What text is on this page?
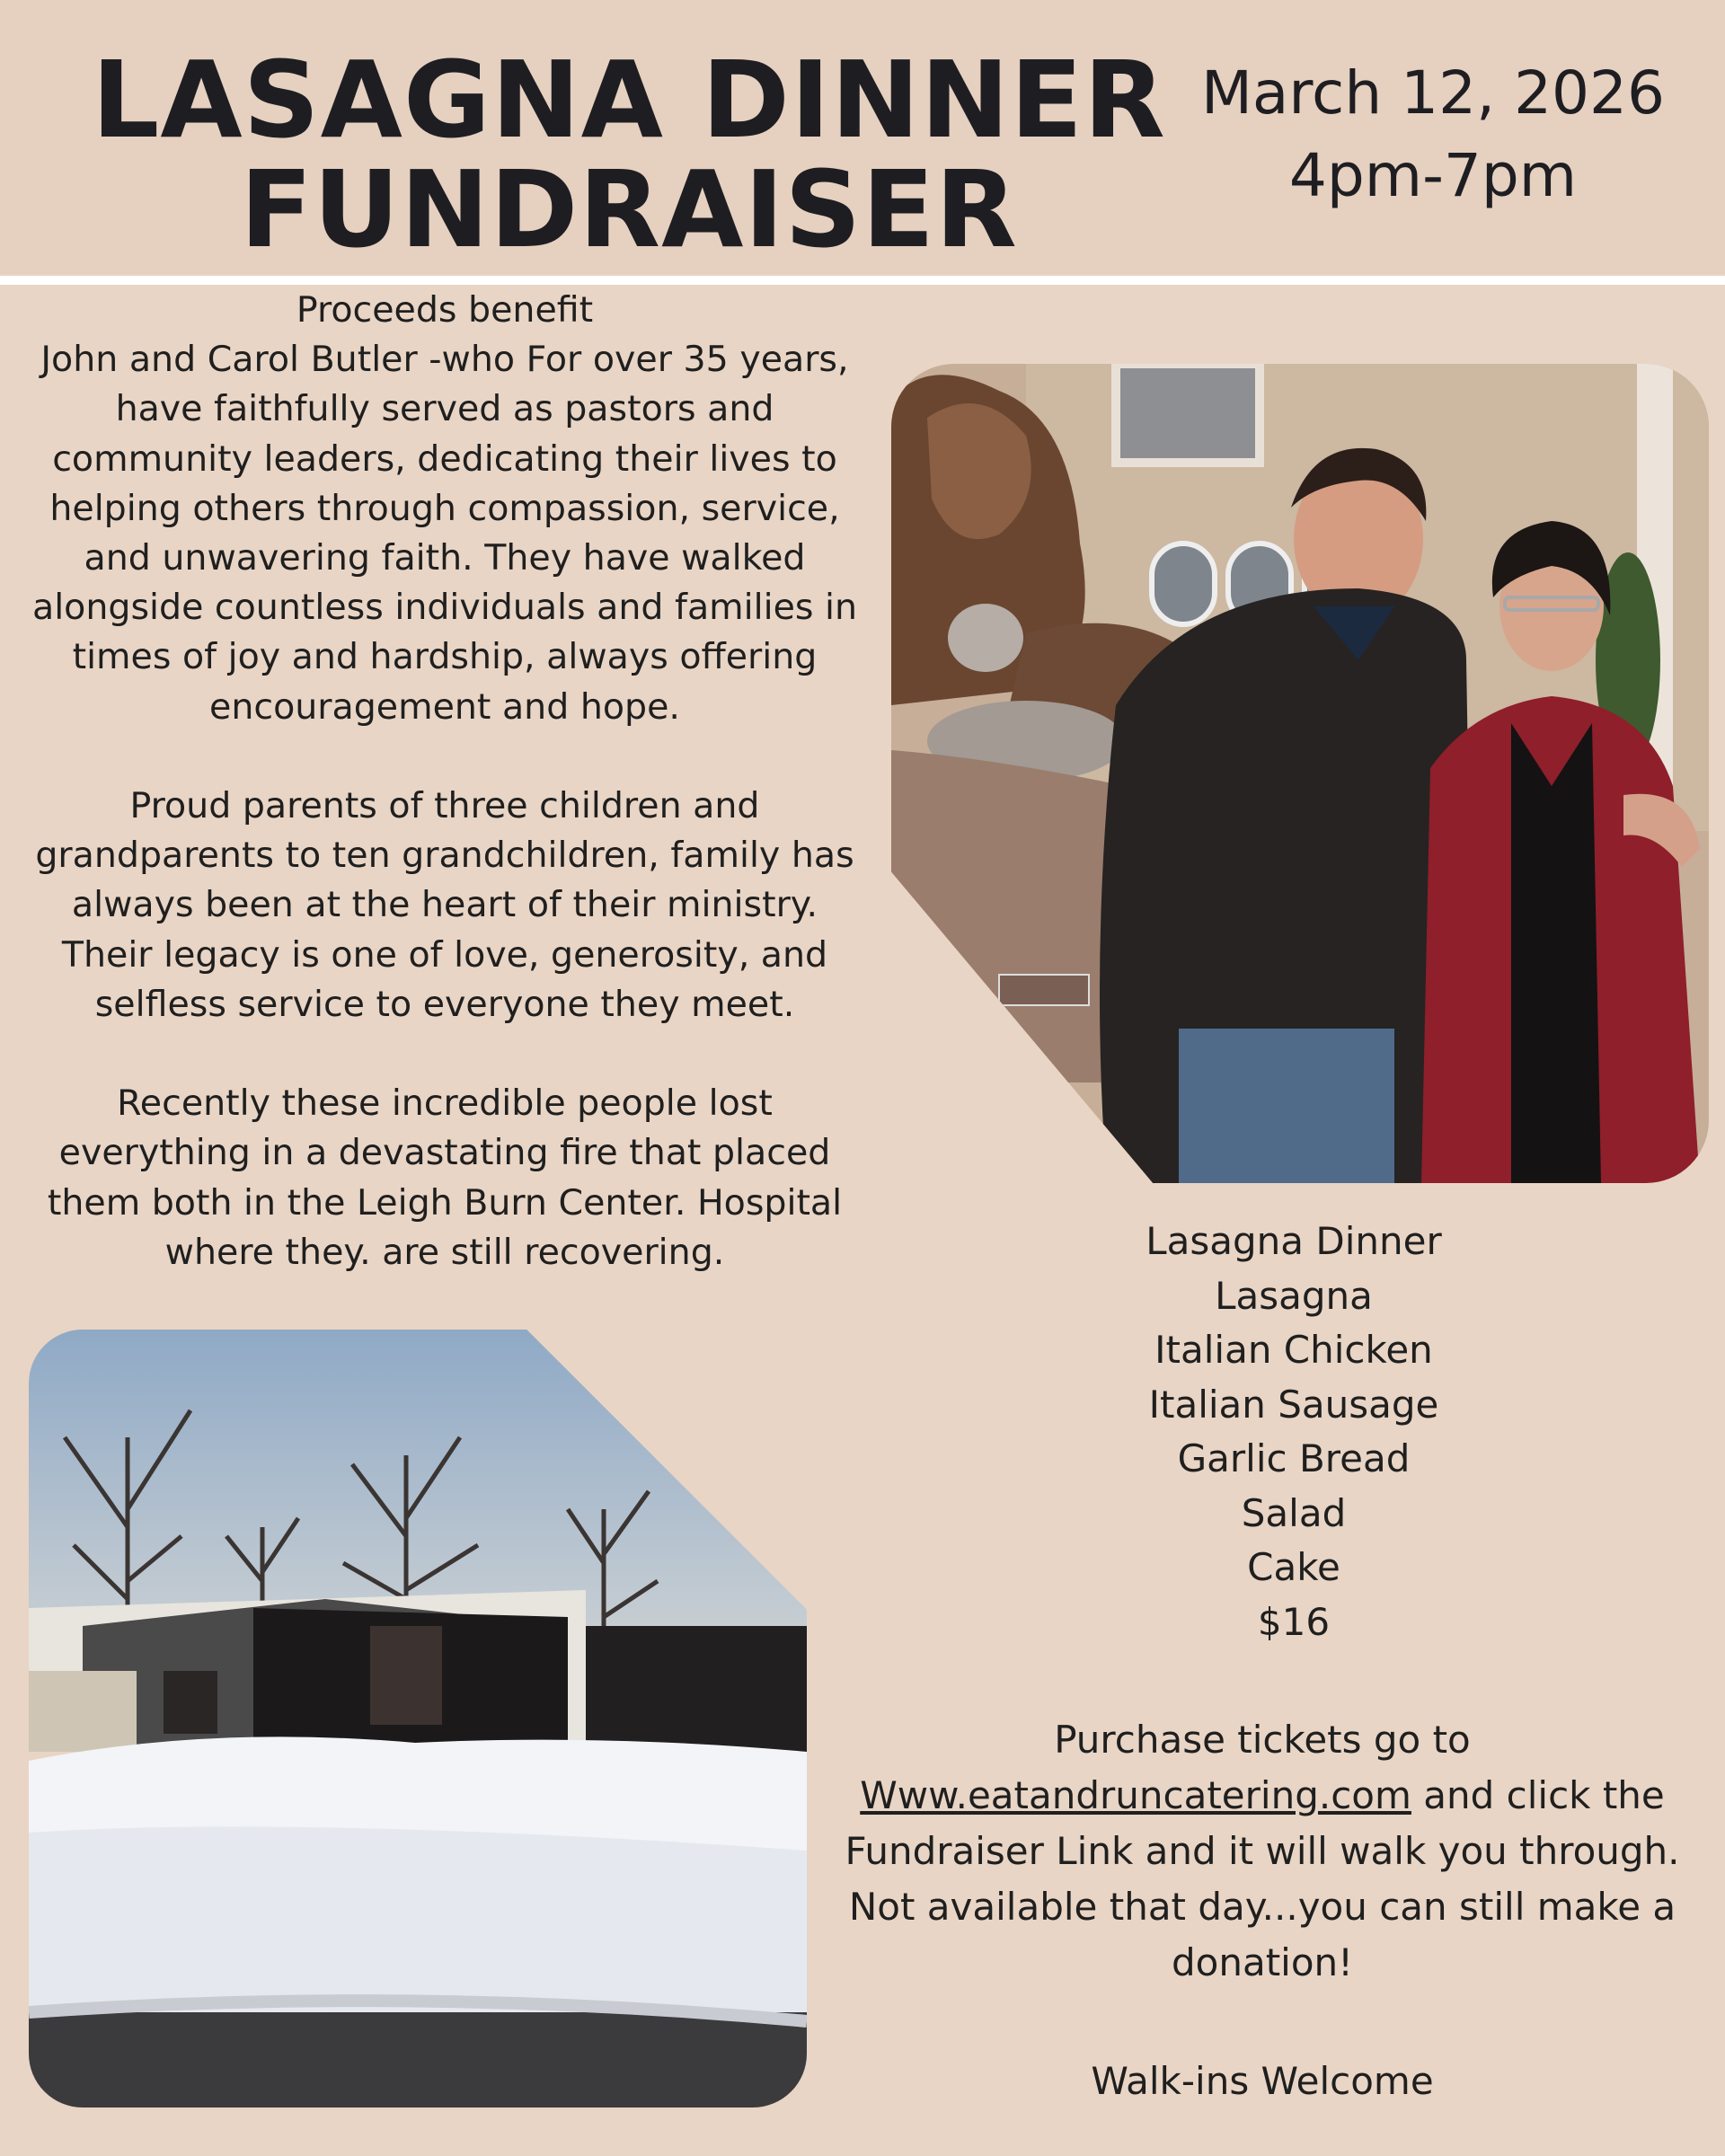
LASAGNA DINNER
FUNDRAISER
March 12, 2026
4pm-7pm

Proceeds benefit

John and Carol Butler -who For over 35 years, have faithfully served as pastors and community leaders, dedicating their lives to helping others through compassion, service, and unwavering faith. They have walked alongside countless individuals and families in times of joy and hardship, always offering encouragement and hope.

Proud parents of three children and grandparents to ten grandchildren, family has always been at the heart of their ministry. Their legacy is one of love, generosity, and selfless service to everyone they meet.

Recently these incredible people lost everything in a devastating fire that placed them both in the Leigh Burn Center. Hospital where they. are still recovering.	Lasagna Dinner
Lasagna
Italian Chicken
Italian Sausage
Garlic Bread
Salad
Cake
$16
Purchase tickets go to
Www.eatandruncatering.com and click the Fundraiser Link and it will walk you through. Not available that day...you can still make a donation!
Walk-ins Welcome
